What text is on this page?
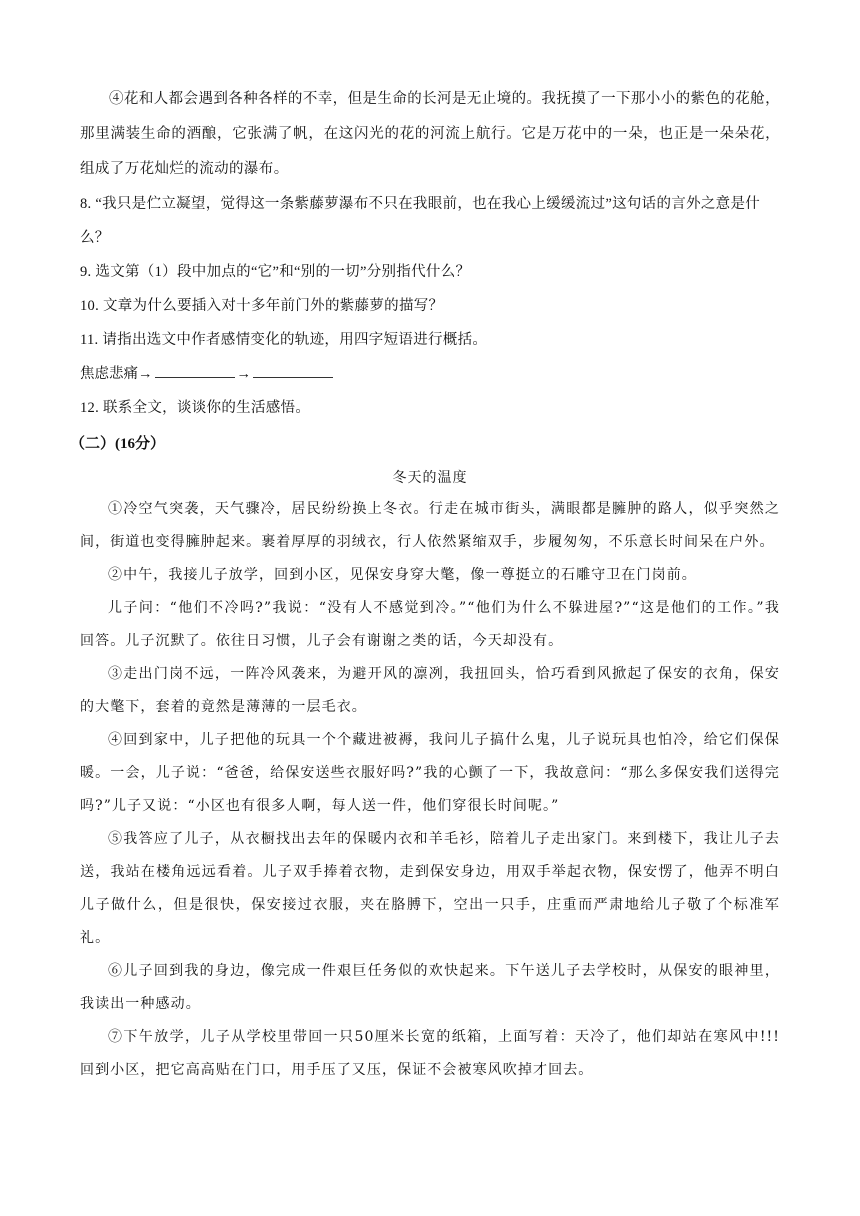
④花和人都会遇到各种各样的不幸，但是生命的长河是无止境的。我抚摸了一下那小小的紫色的花舱，那里满装生命的酒酿，它张满了帆，在这闪光的花的河流上航行。它是万花中的一朵，也正是一朵朵花，组成了万花灿烂的流动的瀑布。

8. “我只是伫立凝望，觉得这一条紫藤萝瀑布不只在我眼前，也在我心上缓缓流过”这句话的言外之意是什么？

9. 选文第（1）段中加点的“它”和“别的一切”分别指代什么？

10. 文章为什么要插入对十多年前门外的紫藤萝的描写？

11. 请指出选文中作者感情变化的轨迹，用四字短语进行概括。

焦虑悲痛→	→

12. 联系全文，谈谈你的生活感悟。

（二）(16分）

冬天的温度

①冷空气突袭，天气骤冷，居民纷纷换上冬衣。行走在城市街头，满眼都是臃肿的路人，似乎突然之间，街道也变得臃肿起来。裹着厚厚的羽绒衣，行人依然紧缩双手，步履匆匆，不乐意长时间呆在户外。

②中午，我接儿子放学，回到小区，见保安身穿大氅，像一尊挺立的石雕守卫在门岗前。

儿子问：“他们不冷吗?”我说：“没有人不感觉到冷。”“他们为什么不躲进屋?”“这是他们的工作。”我回答。儿子沉默了。依往日习惯，儿子会有谢谢之类的话，今天却没有。

③走出门岗不远，一阵冷风袭来，为避开风的凛冽，我扭回头，恰巧看到风掀起了保安的衣角，保安的大氅下，套着的竟然是薄薄的一层毛衣。

④回到家中，儿子把他的玩具一个个藏进被褥，我问儿子搞什么鬼，儿子说玩具也怕冷，给它们保保暖。一会，儿子说：“爸爸，给保安送些衣服好吗?”我的心颤了一下，我故意问：“那么多保安我们送得完吗?”儿子又说：“小区也有很多人啊，每人送一件，他们穿很长时间呢。”

⑤我答应了儿子，从衣橱找出去年的保暖内衣和羊毛衫，陪着儿子走出家门。来到楼下，我让儿子去送，我站在楼角远远看着。儿子双手捧着衣物，走到保安身边，用双手举起衣物，保安愣了，他弄不明白儿子做什么，但是很快，保安接过衣服，夹在胳膊下，空出一只手，庄重而严肃地给儿子敬了个标准军礼。

⑥儿子回到我的身边，像完成一件艰巨任务似的欢快起来。下午送儿子去学校时，从保安的眼神里，我读出一种感动。

⑦下午放学，儿子从学校里带回一只50厘米长宽的纸箱，上面写着：天冷了，他们却站在寒风中!!!回到小区，把它高高贴在门口，用手压了又压，保证不会被寒风吹掉才回去。
